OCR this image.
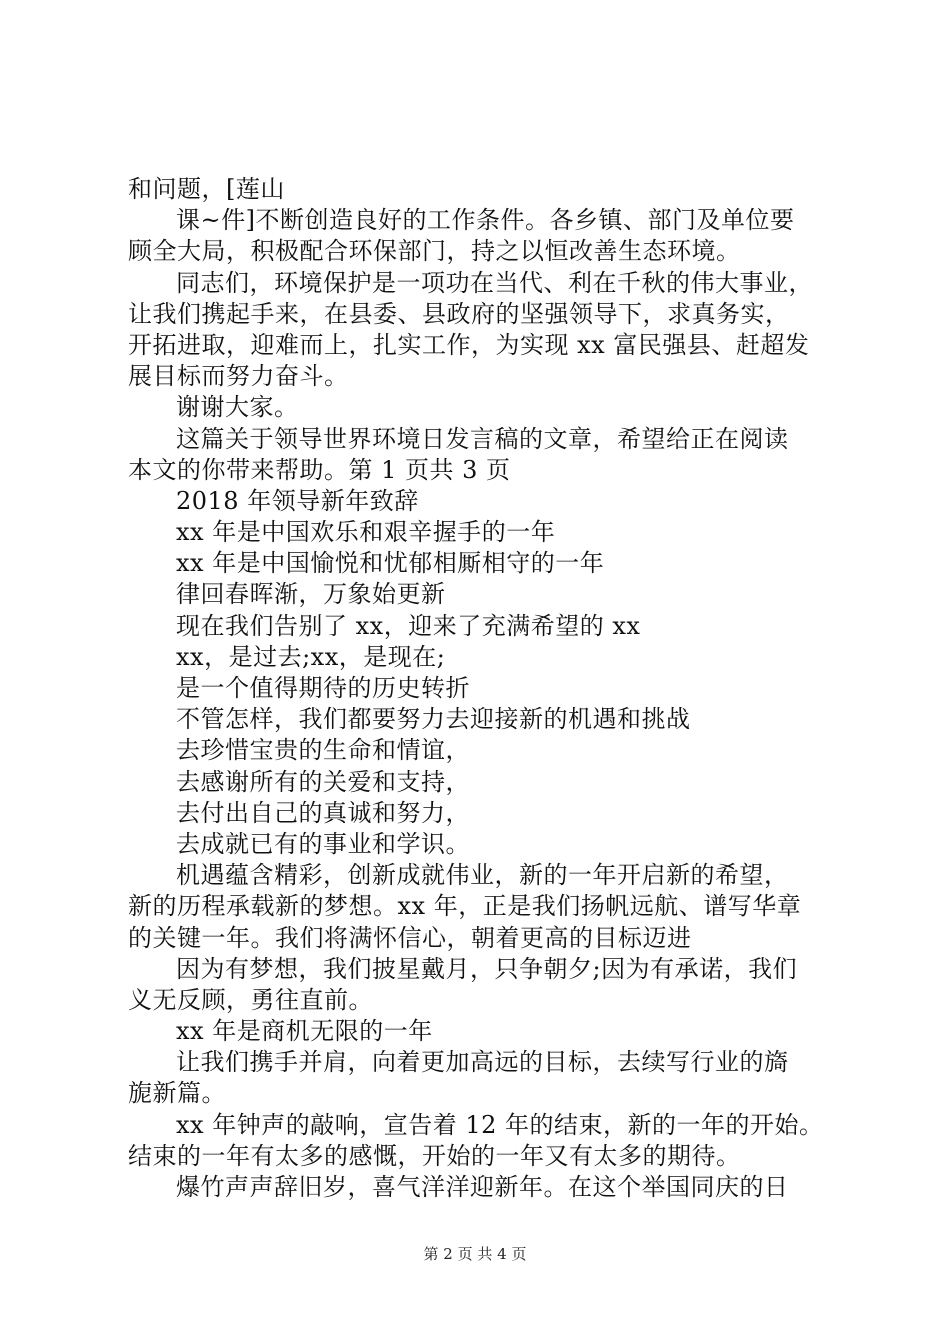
和问题，[莲山
课~件]不断创造良好的工作条件。各乡镇、部门及单位要
顾全大局，积极配合环保部门，持之以恒改善生态环境。
同志们，环境保护是一项功在当代、利在千秋的伟大事业，
让我们携起手来，在县委、县政府的坚强领导下，求真务实，
开拓进取，迎难而上，扎实工作，为实现 xx 富民强县、赶超发
展目标而努力奋斗。
谢谢大家。
这篇关于领导世界环境日发言稿的文章，希望给正在阅读
本文的你带来帮助。第 1 页共 3 页
2018 年领导新年致辞
xx 年是中国欢乐和艰辛握手的一年
xx 年是中国愉悦和忧郁相厮相守的一年
律回春晖渐，万象始更新
现在我们告别了 xx，迎来了充满希望的 xx
xx，是过去;xx，是现在;
是一个值得期待的历史转折
不管怎样，我们都要努力去迎接新的机遇和挑战
去珍惜宝贵的生命和情谊，
去感谢所有的关爱和支持，
去付出自己的真诚和努力，
去成就已有的事业和学识。
机遇蕴含精彩，创新成就伟业，新的一年开启新的希望，
新的历程承载新的梦想。xx 年，正是我们扬帆远航、谱写华章
的关键一年。我们将满怀信心，朝着更高的目标迈进
因为有梦想，我们披星戴月，只争朝夕;因为有承诺，我们
义无反顾，勇往直前。
xx 年是商机无限的一年
让我们携手并肩，向着更加高远的目标，去续写行业的旖
旎新篇。
xx 年钟声的敲响，宣告着 12 年的结束，新的一年的开始。
结束的一年有太多的感慨，开始的一年又有太多的期待。
爆竹声声辞旧岁，喜气洋洋迎新年。在这个举国同庆的日
第 2 页 共 4 页
